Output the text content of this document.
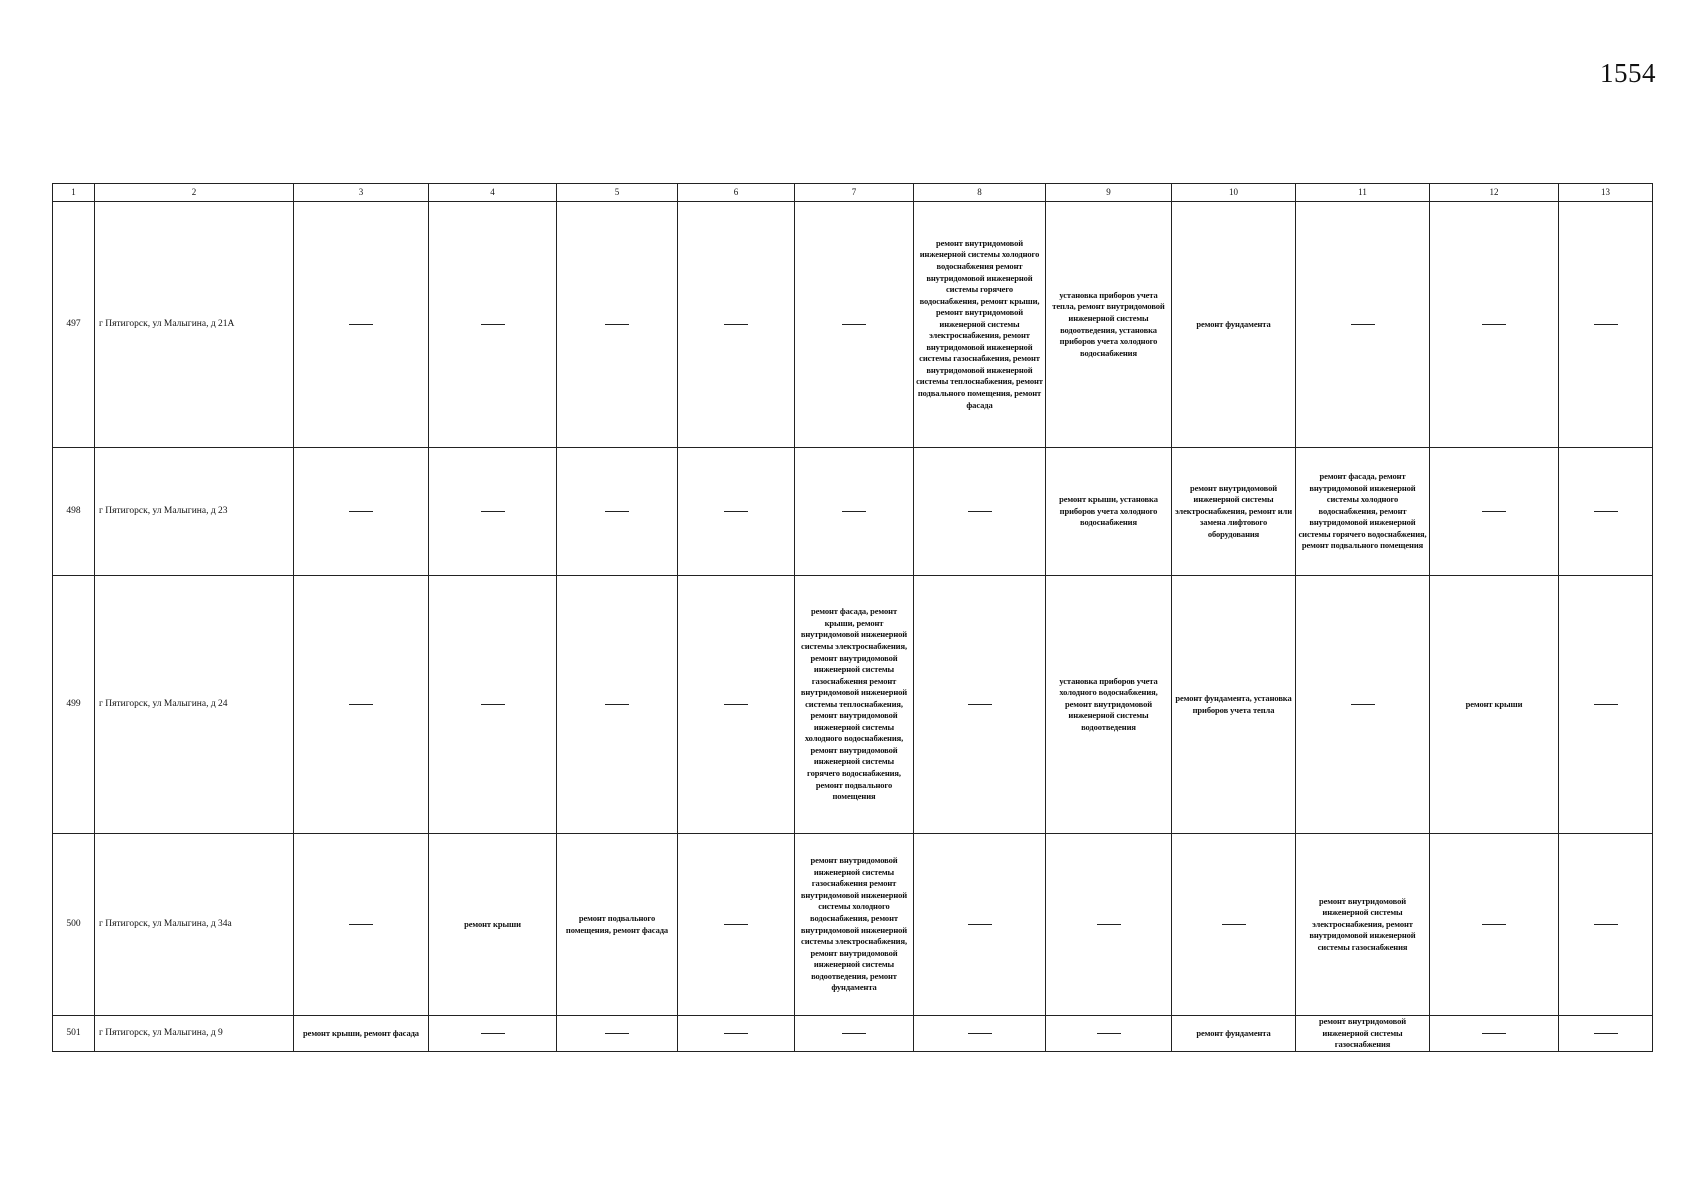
1554
1	2	3	4	5	6	7	8	9	10	11	12	13
497	г Пятигорск, ул Малыгина, д 21А						ремонт внутридомовой инженерной системы холодного водоснабжения ремонт внутридомовой инженерной системы горячего водоснабжения, ремонт крыши, ремонт внутридомовой инженерной системы электроснабжения, ремонт внутридомовой инженерной системы газоснабжения, ремонт внутридомовой инженерной системы теплоснабжения, ремонт подвального помещения, ремонт фасада	установка приборов учета тепла, ремонт внутридомовой инженерной системы водоотведения, установка приборов учета холодного водоснабжения	ремонт фундамента			

498	г Пятигорск, ул Малыгина, д 23							ремонт крыши, установка приборов учета холодного водоснабжения	ремонт внутридомовой инженерной системы электроснабжения, ремонт или замена лифтового оборудования	ремонт фасада, ремонт внутридомовой инженерной системы холодного водоснабжения, ремонт внутридомовой инженерной системы горячего водоснабжения, ремонт подвального помещения		

499	г Пятигорск, ул Малыгина, д 24					ремонт фасада, ремонт крыши, ремонт внутридомовой инженерной системы электроснабжения, ремонт внутридомовой инженерной системы газоснабжения ремонт внутридомовой инженерной системы теплоснабжения, ремонт внутридомовой инженерной системы холодного водоснабжения, ремонт внутридомовой инженерной системы горячего водоснабжения, ремонт подвального помещения		установка приборов учета холодного водоснабжения, ремонт внутридомовой инженерной системы водоотведения	ремонт фундамента, установка приборов учета тепла		ремонт крыши	

500	г Пятигорск, ул Малыгина, д 34а		ремонт крыши	ремонт подвального помещения, ремонт фасада		ремонт внутридомовой инженерной системы газоснабжения ремонт внутридомовой инженерной системы холодного водоснабжения, ремонт внутридомовой инженерной системы электроснабжения, ремонт внутридомовой инженерной системы водоотведения, ремонт фундамента				ремонт внутридомовой инженерной системы электроснабжения, ремонт внутридомовой инженерной системы газоснабжения		

501	г Пятигорск, ул Малыгина, д 9	ремонт крыши, ремонт фасада							ремонт фундамента	ремонт внутридомовой инженерной системы газоснабжения		
